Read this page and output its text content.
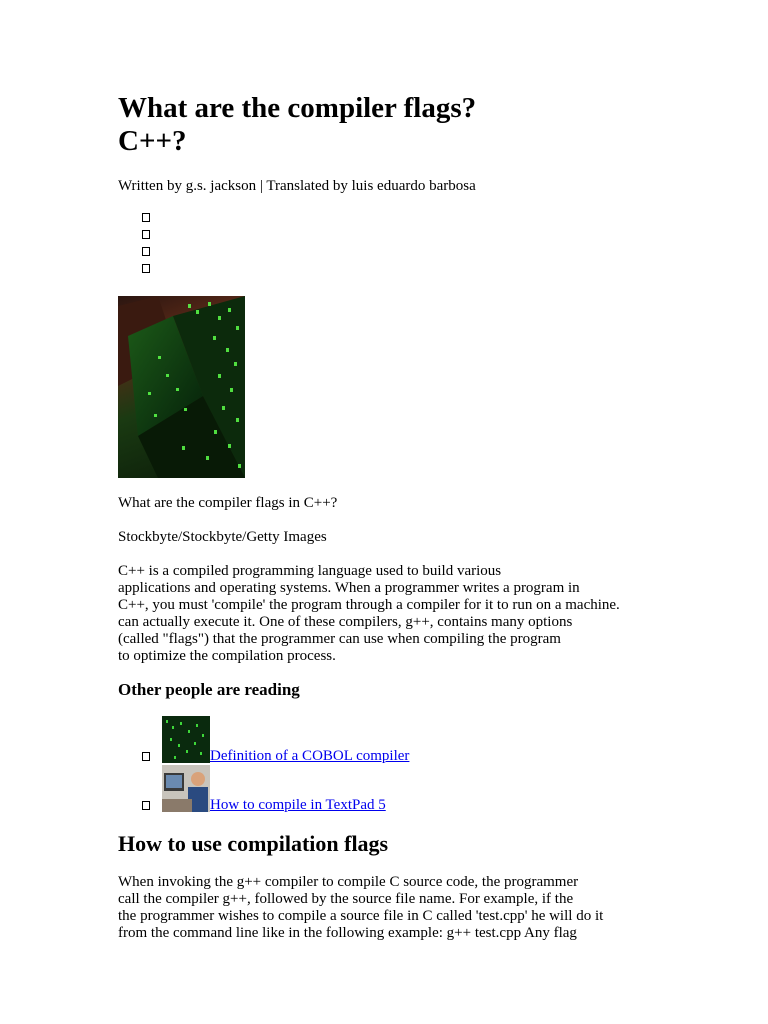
What are the compiler flags?
C++?
Written by g.s. jackson | Translated by luis eduardo barbosa
What are the compiler flags in C++?
Stockbyte/Stockbyte/Getty Images
C++ is a compiled programming language used to build various
applications and operating systems. When a programmer writes a program in
C++, you must 'compile' the program through a compiler for it to run on a machine.
can actually execute it. One of these compilers, g++, contains many options
(called "flags") that the programmer can use when compiling the program
to optimize the compilation process.
Other people are reading
Definition of a COBOL compiler
How to compile in TextPad 5
How to use compilation flags
When invoking the g++ compiler to compile C source code, the programmer
call the compiler g++, followed by the source file name. For example, if the
the programmer wishes to compile a source file in C called 'test.cpp' he will do it
from the command line like in the following example: g++ test.cpp Any flag
